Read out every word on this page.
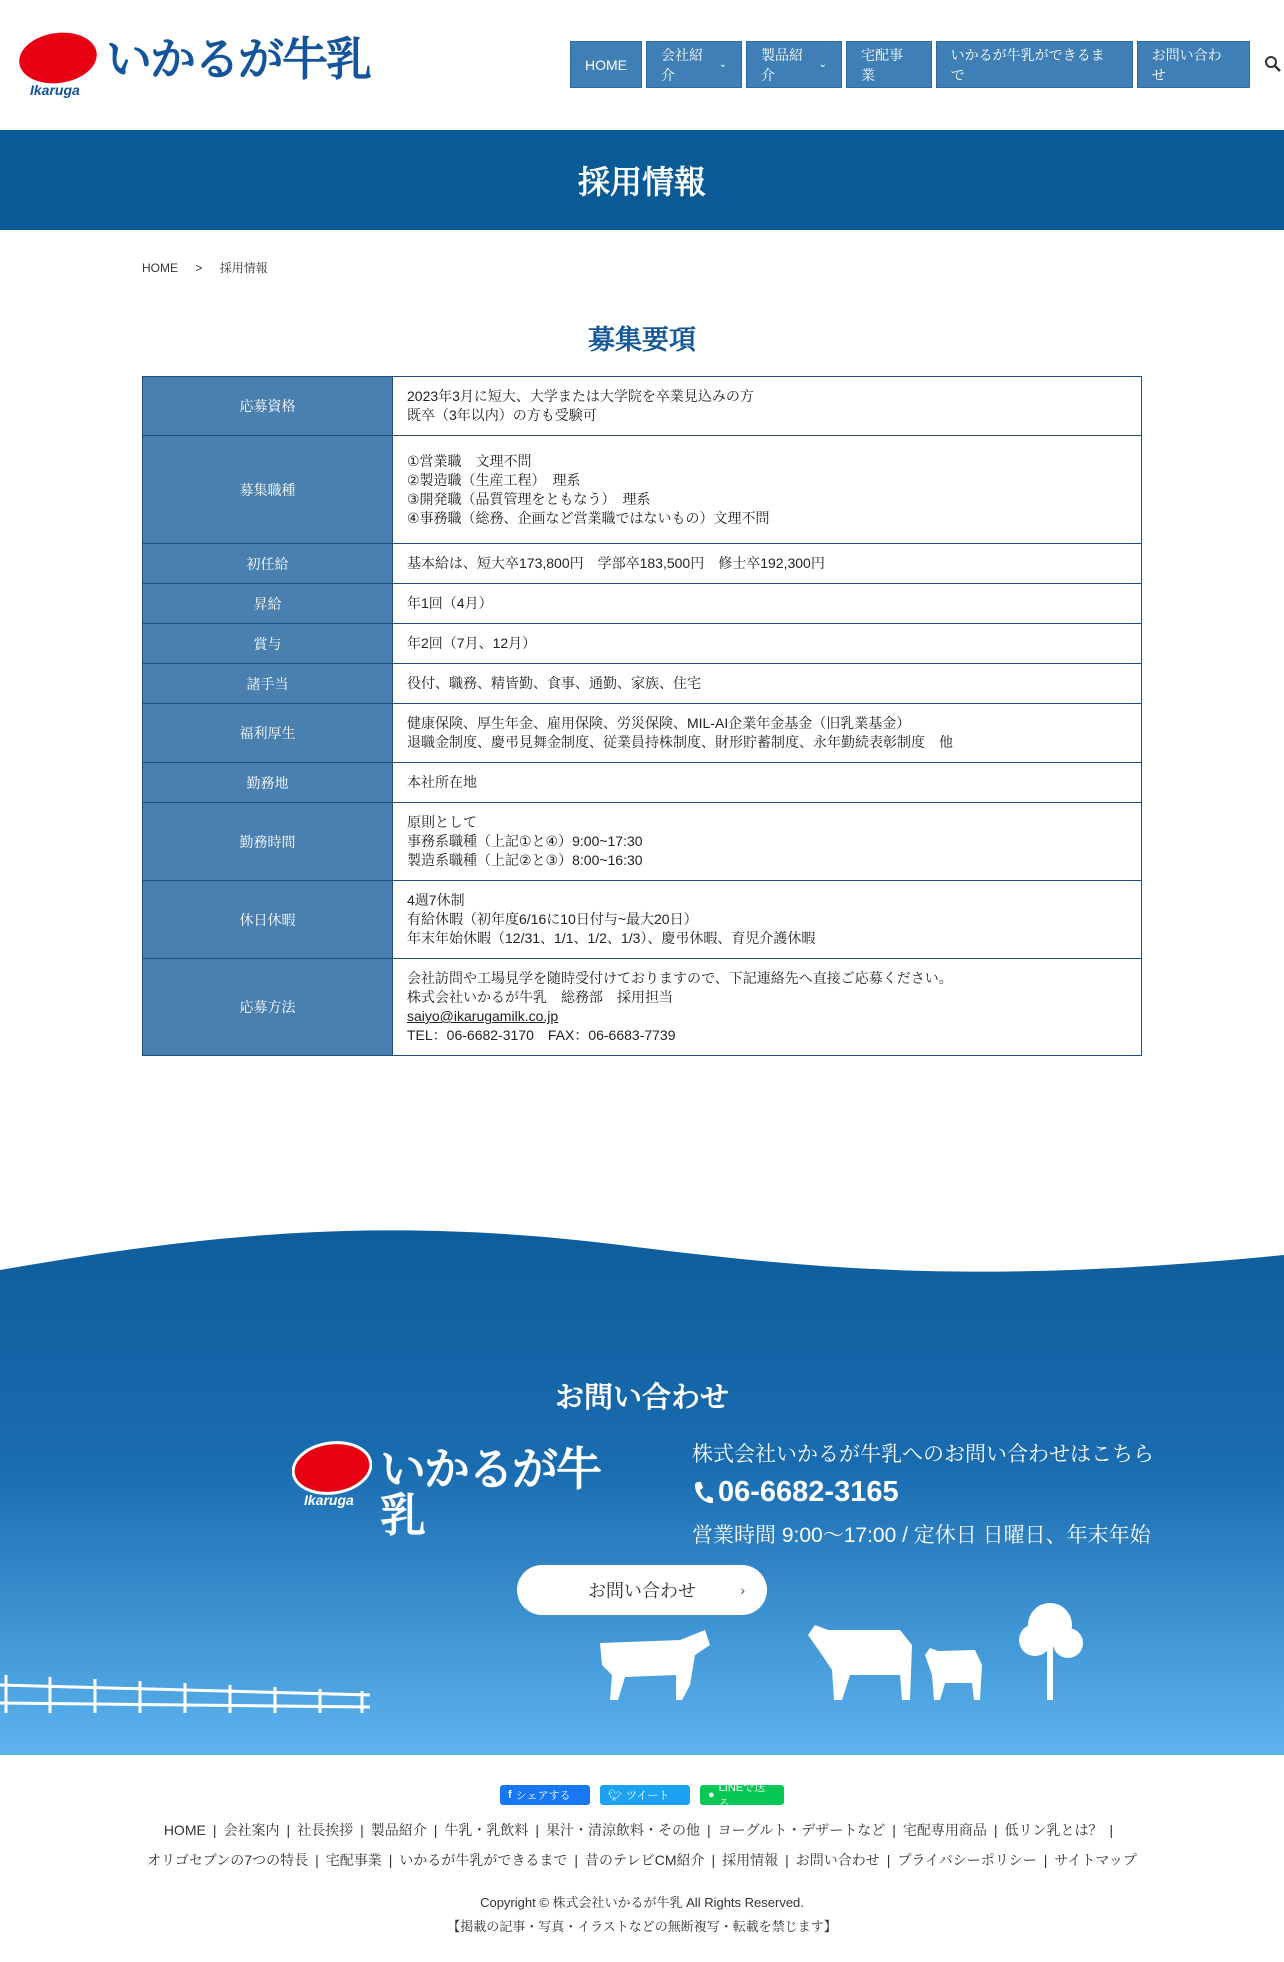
いかるが牛乳
Ikaruga
HOME
会社紹介
⌄
製品紹介
⌄
宅配事業
いかるが牛乳ができるまで
お問い合わせ
採用情報
HOME > 採用情報
募集要項
応募資格	2023年3月に短大、大学または大学院を卒業見込みの方
既卒（3年以内）の方も受験可

募集職種	①営業職　文理不問
②製造職（生産工程）　理系
③開発職（品質管理をともなう）　理系
④事務職（総務、企画など営業職ではないもの）文理不問

初任給	基本給は、短大卒173,800円　学部卒183,500円　修士卒192,300円

昇給	年1回（4月）

賞与	年2回（7月、12月）

諸手当	役付、職務、精皆勤、食事、通勤、家族、住宅

福利厚生	健康保険、厚生年金、雇用保険、労災保険、MIL-AI企業年金基金（旧乳業基金）
退職金制度、慶弔見舞金制度、従業員持株制度、財形貯蓄制度、永年勤続表彰制度　他

勤務地	本社所在地

勤務時間	原則として
事務系職種（上記①と④）9:00~17:30
製造系職種（上記②と③）8:00~16:30

休日休暇	4週7休制
有給休暇（初年度6/16に10日付与~最大20日）
年末年始休暇（12/31、1/1、1/2、1/3）、慶弔休暇、育児介護休暇

応募方法	会社訪問や工場見学を随時受付けておりますので、下記連絡先へ直接ご応募ください。
株式会社いかるが牛乳　総務部　採用担当
saiyo@ikarugamilk.co.jp
TEL：06-6682-3170　FAX：06-6683-7739
お問い合わせ
いかるが牛乳
Ikaruga
株式会社いかるが牛乳へのお問い合わせはこちら
06-6682-3165
営業時間 9:00～17:00 / 定休日 日曜日、年末年始
お問い合わせ	›
f シェアする	🐦︎ ツイート	●
LINEで送る
HOME | 会社案内 | 社長挨拶 | 製品紹介 | 牛乳・乳飲料 | 果汁・清涼飲料・その他 | ヨーグルト・デザートなど | 宅配専用商品 | 低リン乳とは？ |
オリゴセブンの7つの特長 | 宅配事業 | いかるが牛乳ができるまで | 昔のテレビCM紹介 | 採用情報 | お問い合わせ | プライバシーポリシー | サイトマップ
Copyright © 株式会社いかるが牛乳 All Rights Reserved.
【掲載の記事・写真・イラストなどの無断複写・転載を禁じます】
